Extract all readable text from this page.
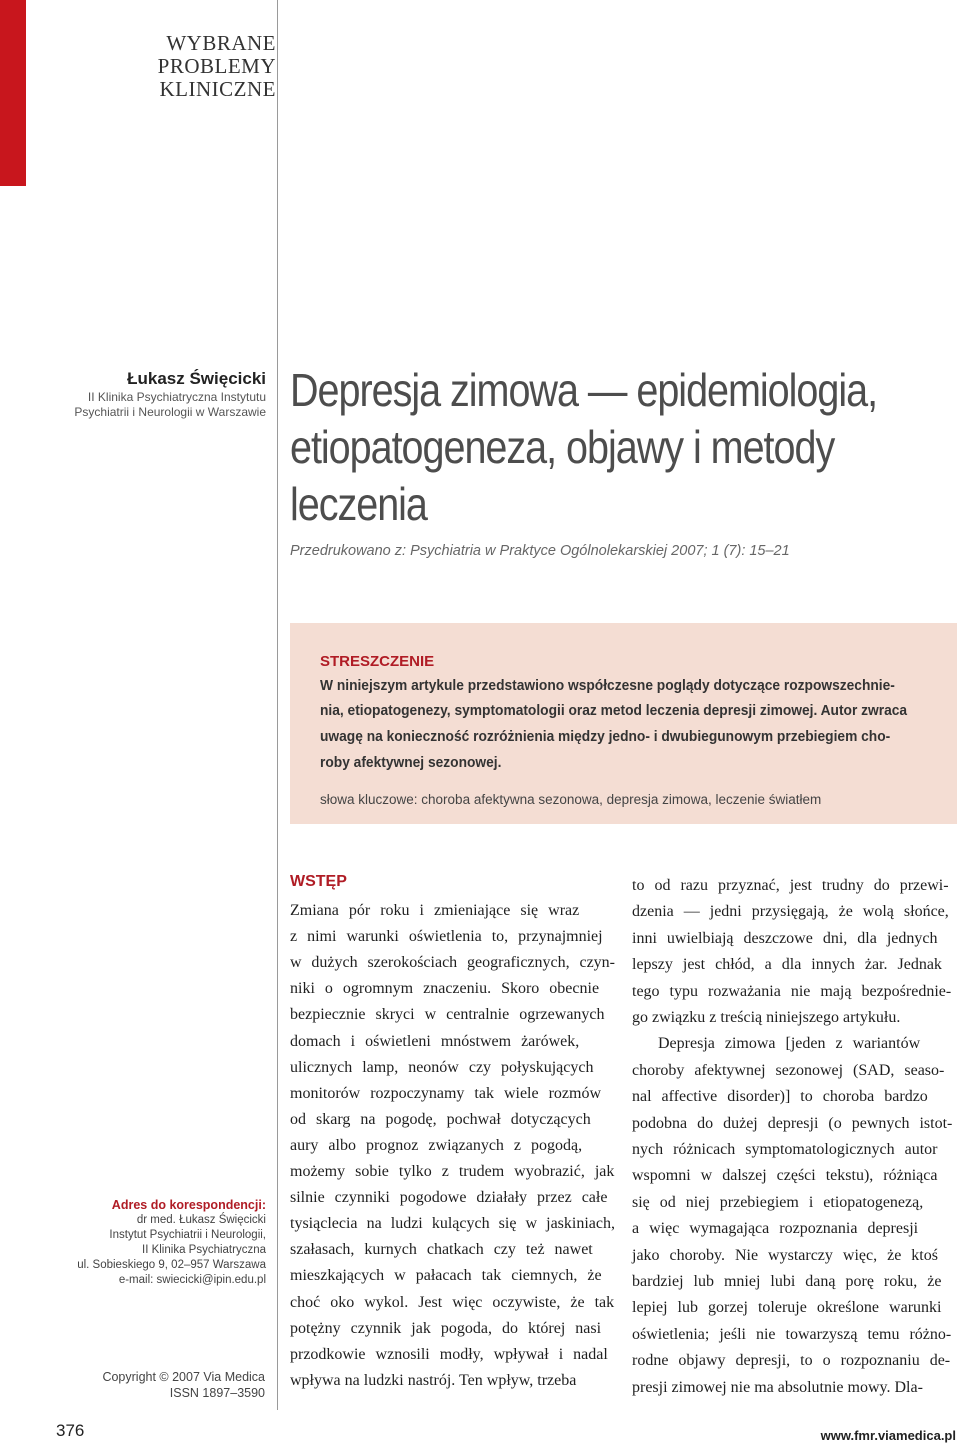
WYBRANE
PROBLEMY
KLINICZNE
Łukasz Święcicki
II Klinika Psychiatryczna Instytutu
Psychiatrii i Neurologii w Warszawie Depresja zimowa — epidemiologia,
etiopatogeneza, objawy i metody
leczenia
Przedrukowano z: Psychiatria w Praktyce Ogólnolekarskiej 2007; 1 (7): 15–21
STRESZCZENIE
W niniejszym artykule przedstawiono współczesne poglądy dotyczące rozpowszechnie-
nia, etiopatogenezy, symptomatologii oraz metod leczenia depresji zimowej. Autor zwraca
uwagę na konieczność rozróżnienia między jedno- i dwubiegunowym przebiegiem cho-
roby afektywnej sezonowej.
słowa kluczowe: choroba afektywna sezonowa, depresja zimowa, leczenie światłem
Adres do korespondencji:
dr med. Łukasz Święcicki
Instytut Psychiatrii i Neurologii,
II Klinika Psychiatryczna
ul. Sobieskiego 9, 02–957 Warszawa
e-mail: swiecicki@ipin.edu.pl
Copyright © 2007 Via Medica
ISSN 1897–3590
376	www.fmr.viamedica.pl
WSTĘP
Zmiana pór roku i zmieniające się wraz
z nimi warunki oświetlenia to, przynajmniej
w dużych szerokościach geograficznych, czyn-
niki o ogromnym znaczeniu. Skoro obecnie
bezpiecznie skryci w centralnie ogrzewanych
domach i oświetleni mnóstwem żarówek,
ulicznych lamp, neonów czy połyskujących
monitorów rozpoczynamy tak wiele rozmów
od skarg na pogodę, pochwał dotyczących
aury albo prognoz związanych z pogodą,
możemy sobie tylko z trudem wyobrazić, jak
silnie czynniki pogodowe działały przez całe
tysiąclecia na ludzi kulących się w jaskiniach,
szałasach, kurnych chatkach czy też nawet
mieszkających w pałacach tak ciemnych, że
choć oko wykol. Jest więc oczywiste, że tak
potężny czynnik jak pogoda, do której nasi
przodkowie wznosili modły, wpływał i nadal
wpływa na ludzki nastrój. Ten wpływ, trzeba
to od razu przyznać, jest trudny do przewi-
dzenia — jedni przysięgają, że wolą słońce,
inni uwielbiają deszczowe dni, dla jednych
lepszy jest chłód, a dla innych żar. Jednak
tego typu rozważania nie mają bezpośrednie-
go związku z treścią niniejszego artykułu.
Depresja zimowa [jeden z wariantów
choroby afektywnej sezonowej (SAD, seaso-
nal affective disorder)] to choroba bardzo
podobna do dużej depresji (o pewnych istot-
nych różnicach symptomatologicznych autor
wspomni w dalszej części tekstu), różniąca
się od niej przebiegiem i etiopatogenezą,
a więc wymagająca rozpoznania depresji
jako choroby. Nie wystarczy więc, że ktoś
bardziej lub mniej lubi daną porę roku, że
lepiej lub gorzej toleruje określone warunki
oświetlenia; jeśli nie towarzyszą temu różno-
rodne objawy depresji, to o rozpoznaniu de-
presji zimowej nie ma absolutnie mowy. Dla-
